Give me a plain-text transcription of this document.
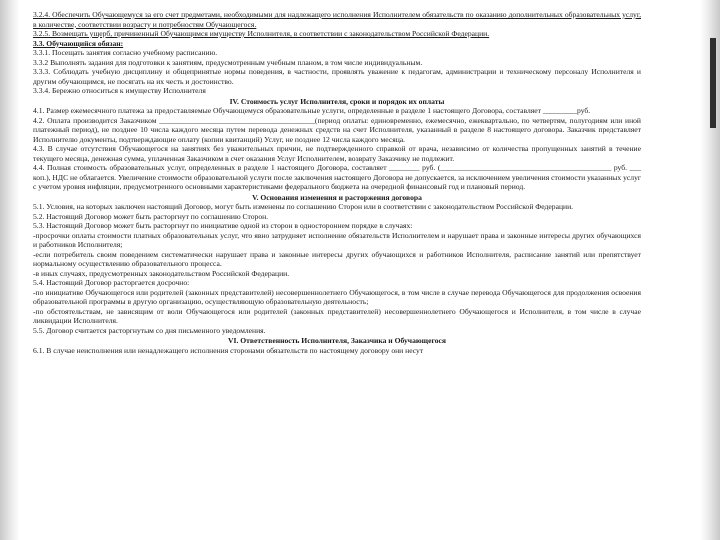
3.2.4. Обеспечить Обучающемуся за его счет предметами, необходимыми для надлежащего исполнения Исполнителем обязательств по оказанию дополнительных образовательных услуг, в количестве, соответствии возрасту и потребностям Обучающегося.

3.2.5. Возмещать ущерб, причиненный Обучающимся имуществу Исполнителя, в соответствии с законодательством Российской Федерации.

3.3. Обучающийся обязан:

3.3.1. Посещать занятия согласно учебному расписанию.

3.3.2 Выполнять задания для подготовки к занятиям, предусмотренным учебным планом, в том числе индивидуальным.

3.3.3. Соблюдать учебную дисциплину и общепринятые нормы поведения, в частности, проявлять уважение к педагогам, администрации и техническому персоналу Исполнителя и другим обучающимся, не посягать на их честь и достоинство.

3.3.4. Бережно относиться к имуществу Исполнителя

IV. Стоимость услуг Исполнителя, сроки и порядок их оплаты

4.1. Размер ежемесячного платежа за предоставляемые Обучающемуся образовательные услуги, определенные в разделе 1 настоящего Договора, составляет _________руб.

4.2. Оплата производится Заказчиком _________________________________________(период оплаты: единовременно, ежемесячно, ежеквартально, по четвертям, полугодиям или иной платежный период), не позднее 10 числа каждого месяца путем перевода денежных средств на счет Исполнителя, указанный в разделе 8 настоящего договора. Заказчик представляет Исполнителю документы, подтверждающие оплату (копии квитанций) Услуг, не позднее 12 числа каждого месяца.

4.3. В случае отсутствия Обучающегося на занятиях без уважительных причин, не подтвержденного справкой от врача, независимо от количества пропущенных занятий в течение текущего месяца, денежная сумма, уплаченная Заказчиком в счет оказания Услуг Исполнителем, возврату Заказчику не подлежит.

4.4. Полная стоимость образовательных услуг, определенных в разделе 1 настоящего Договора, составляет ________ руб. (_____________________________________________ руб. ___ коп.), НДС не облагается. Увеличение стоимости образовательной услуги после заключения настоящего Договора не допускается, за исключением увеличения стоимости указанных услуг с учетом уровня инфляции, предусмотренного основными характеристиками федерального бюджета на очередной финансовый год и плановый период.

V. Основания изменения и расторжения договора

5.1. Условия, на которых заключен настоящий Договор, могут быть изменены по соглашению Сторон или в соответствии с законодательством Российской Федерации.

5.2. Настоящий Договор может быть расторгнут по соглашению Сторон.

5.3. Настоящий Договор может быть расторгнут по инициативе одной из сторон в одностороннем порядке в случаях:

-просрочки оплаты стоимости платных образовательных услуг, что явно затрудняет исполнение обязательств Исполнителем и нарушает права и законные интересы других обучающихся и работников Исполнителя;

-если потребитель своим поведением систематически нарушает права и законные интересы других обучающихся и работников Исполнителя, расписание занятий или препятствует нормальному осуществлению образовательного процесса.

-в иных случаях, предусмотренных законодательством Российской Федерации.

5.4. Настоящий Договор расторгается досрочно:

-по инициативе Обучающегося или родителей (законных представителей) несовершеннолетнего Обучающегося, в том числе в случае перевода Обучающегося для продолжения освоения образовательной программы в другую организацию, осуществляющую образовательную деятельность;

-по обстоятельствам, не зависящим от воли Обучающегося или родителей (законных представителей) несовершеннолетнего Обучающегося и Исполнителя, в том числе в случае ликвидации Исполнителя.

5.5. Договор считается расторгнутым со дня письменного уведомления.

VI. Ответственность Исполнителя, Заказчика и Обучающегося

6.1. В случае неисполнения или ненадлежащего исполнения сторонами обязательств по настоящему договору они несут
